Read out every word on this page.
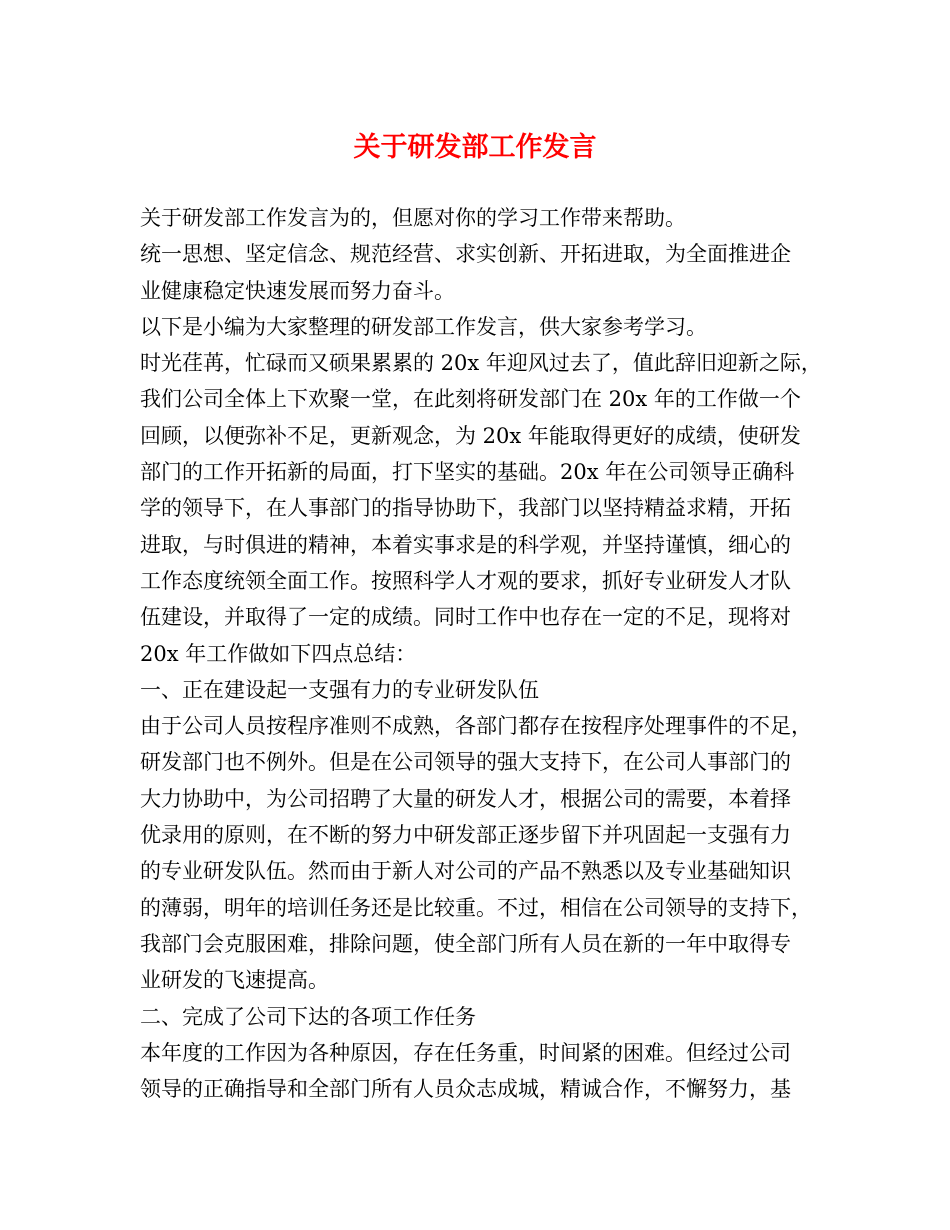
关于研发部工作发言
关于研发部工作发言为的，但愿对你的学习工作带来帮助。
统一思想、坚定信念、规范经营、求实创新、开拓进取，为全面推进企
业健康稳定快速发展而努力奋斗。
以下是小编为大家整理的研发部工作发言，供大家参考学习。
时光荏苒，忙碌而又硕果累累的 20x 年迎风过去了，值此辞旧迎新之际，
我们公司全体上下欢聚一堂，在此刻将研发部门在 20x 年的工作做一个
回顾，以便弥补不足，更新观念，为 20x 年能取得更好的成绩，使研发
部门的工作开拓新的局面，打下坚实的基础。20x 年在公司领导正确科
学的领导下，在人事部门的指导协助下，我部门以坚持精益求精，开拓
进取，与时俱进的精神，本着实事求是的科学观，并坚持谨慎，细心的
工作态度统领全面工作。按照科学人才观的要求，抓好专业研发人才队
伍建设，并取得了一定的成绩。同时工作中也存在一定的不足，现将对
20x 年工作做如下四点总结：
一、正在建设起一支强有力的专业研发队伍
由于公司人员按程序准则不成熟，各部门都存在按程序处理事件的不足，
研发部门也不例外。但是在公司领导的强大支持下，在公司人事部门的
大力协助中，为公司招聘了大量的研发人才，根据公司的需要，本着择
优录用的原则，在不断的努力中研发部正逐步留下并巩固起一支强有力
的专业研发队伍。然而由于新人对公司的产品不熟悉以及专业基础知识
的薄弱，明年的培训任务还是比较重。不过，相信在公司领导的支持下，
我部门会克服困难，排除问题，使全部门所有人员在新的一年中取得专
业研发的飞速提高。
二、完成了公司下达的各项工作任务
本年度的工作因为各种原因，存在任务重，时间紧的困难。但经过公司
领导的正确指导和全部门所有人员众志成城，精诚合作，不懈努力，基
